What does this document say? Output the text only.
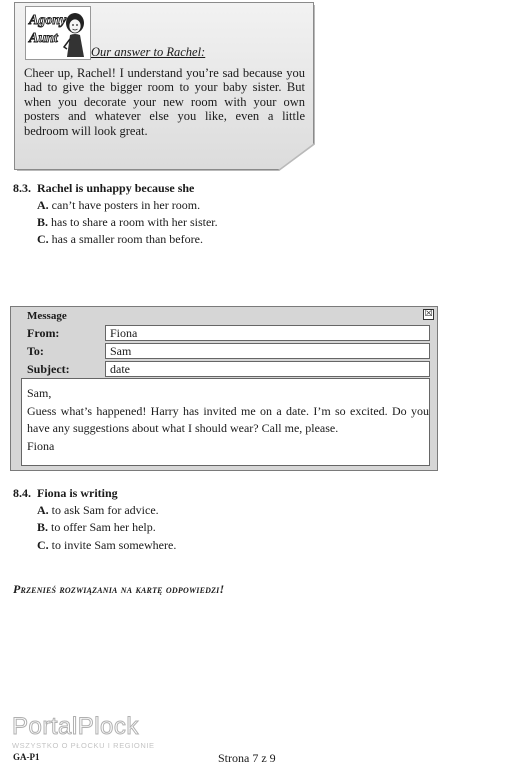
Agony
Aunt
Our answer to Rachel:
Cheer up, Rachel! I understand you’re sad because you had to give the bigger room to your baby sister. But when you decorate your new room with your own posters and whatever else you like, even a little bedroom will look great.
8.3. Rachel is unhappy because she
A. can’t have posters in her room.
B. has to share a room with her sister.
C. has a smaller room than before.
Message	☒
From:	Fiona
To:	Sam
Subject:	date

Sam,

Guess what’s happened! Harry has invited me on a date. I’m so excited. Do you have any suggestions about what I should wear? Call me, please.

Fiona

8.4. Fiona is writing
A. to ask Sam for advice.
B. to offer Sam her help.
C. to invite Sam somewhere.
Przenieś rozwiązania na kartę odpowiedzi!
PortalPlock
WSZYSTKO O PŁOCKU I REGIONIE
GA-P1	Strona 7 z 9
